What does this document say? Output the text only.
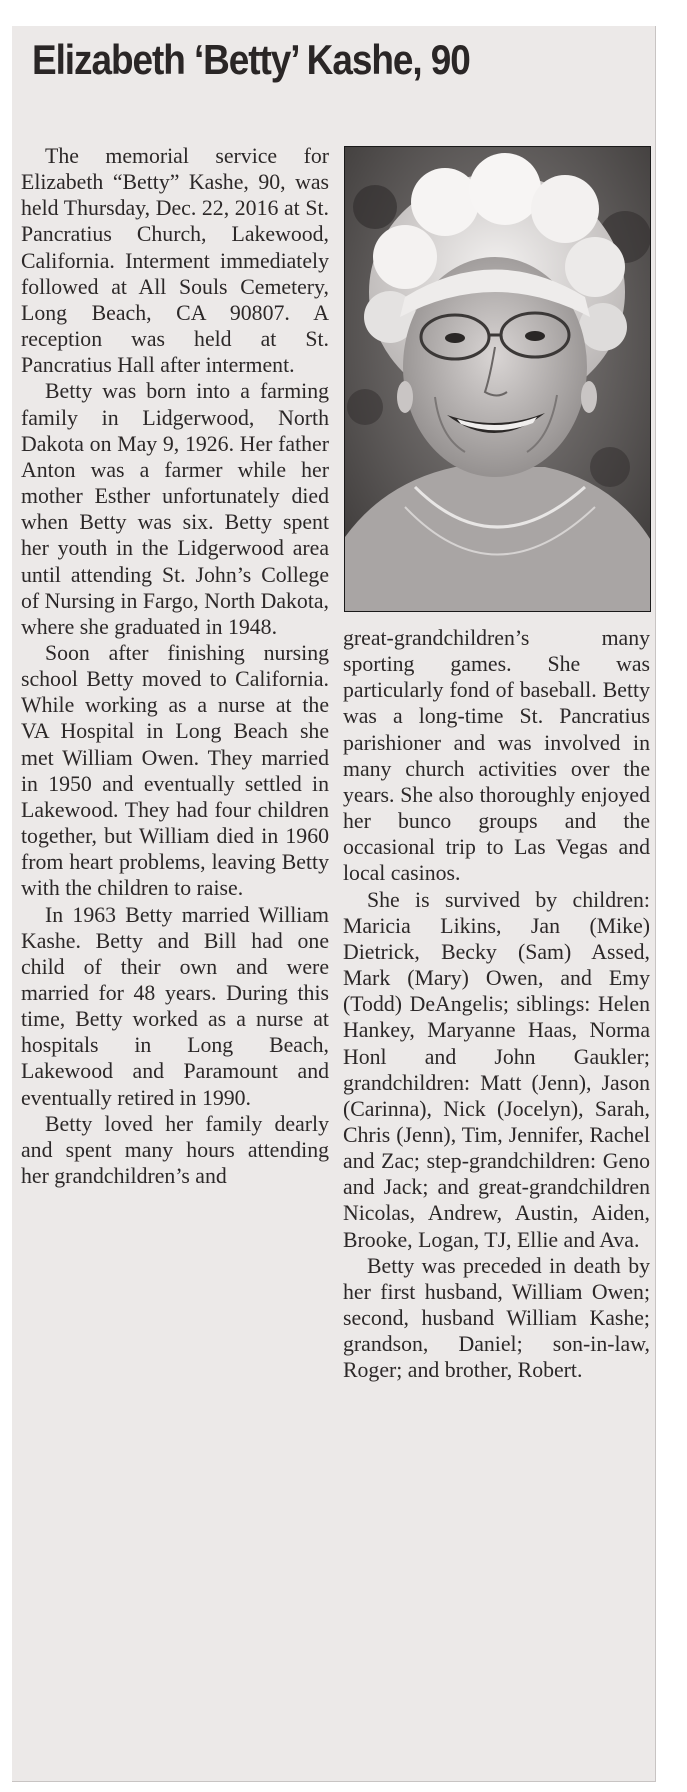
Elizabeth ‘Betty’ Kashe, 90

The memorial service for Elizabeth “Betty” Kashe, 90, was held Thursday, Dec. 22, 2016 at St. Pancratius Church, Lakewood, California. Interment immediately followed at All Souls Cemetery, Long Beach, CA 90807. A reception was held at St. Pancratius Hall after interment.

Betty was born into a farming family in Lidgerwood, North Dakota on May 9, 1926. Her father Anton was a farmer while her mother Esther unfortunately died when Betty was six. Betty spent her youth in the Lidgerwood area until attending St. John’s College of Nursing in Fargo, North Dakota, where she graduated in 1948.

Soon after finishing nursing school Betty moved to California. While working as a nurse at the VA Hospital in Long Beach she met William Owen. They married in 1950 and eventually settled in Lakewood. They had four children together, but William died in 1960 from heart problems, leaving Betty with the children to raise.

In 1963 Betty married William Kashe. Betty and Bill had one child of their own and were married for 48 years. During this time, Betty worked as a nurse at hospitals in Long Beach, Lakewood and Paramount and eventually retired in 1990.

Betty loved her family dearly and spent many hours attending her grandchildren’s and

great-grandchildren’s many sporting games. She was particularly fond of baseball. Betty was a long-time St. Pancratius parishioner and was involved in many church activities over the years. She also thoroughly enjoyed her bunco groups and the occasional trip to Las Vegas and local casinos.

She is survived by children: Maricia Likins, Jan (Mike) Dietrick, Becky (Sam) Assed, Mark (Mary) Owen, and Emy (Todd) DeAngelis; siblings: Helen Hankey, Maryanne Haas, Norma Honl and John Gaukler; grandchildren: Matt (Jenn), Jason (Carinna), Nick (Jocelyn), Sarah, Chris (Jenn), Tim, Jennifer, Rachel and Zac; step-grandchildren: Geno and Jack; and great-grandchildren Nicolas, Andrew, Austin, Aiden, Brooke, Logan, TJ, Ellie and Ava.

Betty was preceded in death by her first husband, William Owen; second, husband William Kashe; grandson, Daniel; son-in-law, Roger; and brother, Robert.
